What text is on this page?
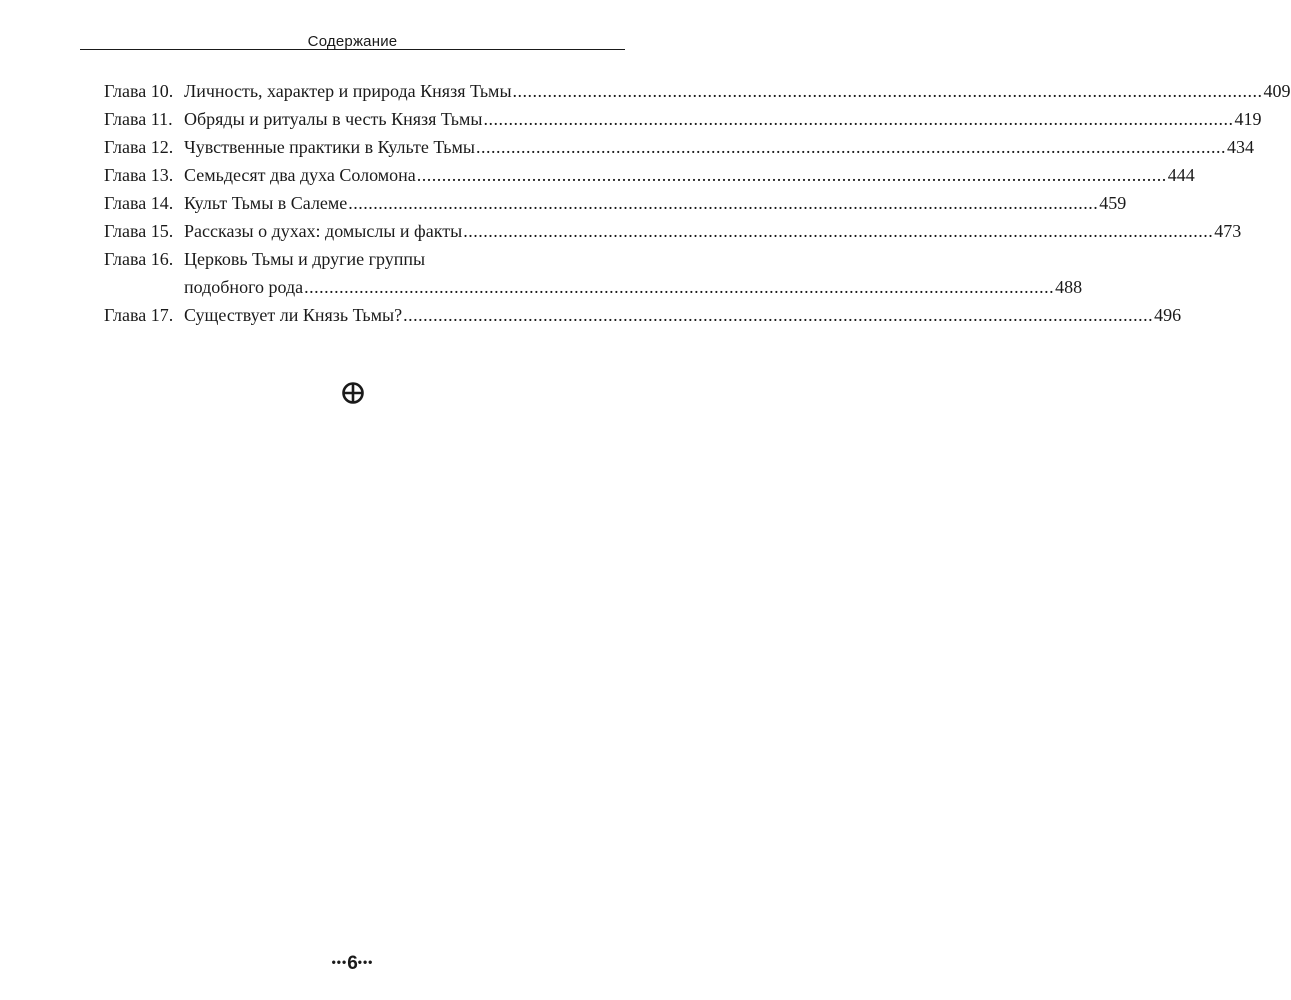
Содержание
Глава 10. Личность, характер и природа Князя Тьмы .....	409
Глава 11. Обряды и ритуалы в честь Князя Тьмы .....	419
Глава 12. Чувственные практики в Культе Тьмы .....	434
Глава 13. Семьдесят два духа Соломона .....	444
Глава 14. Культ Тьмы в Салеме .....	459
Глава 15. Рассказы о духах: домыслы и факты .....	473
Глава 16. Церковь Тьмы и другие группы
подобного рода .....	488
Глава 17. Существует ли Князь Тьмы? .....	496
•••6•••
